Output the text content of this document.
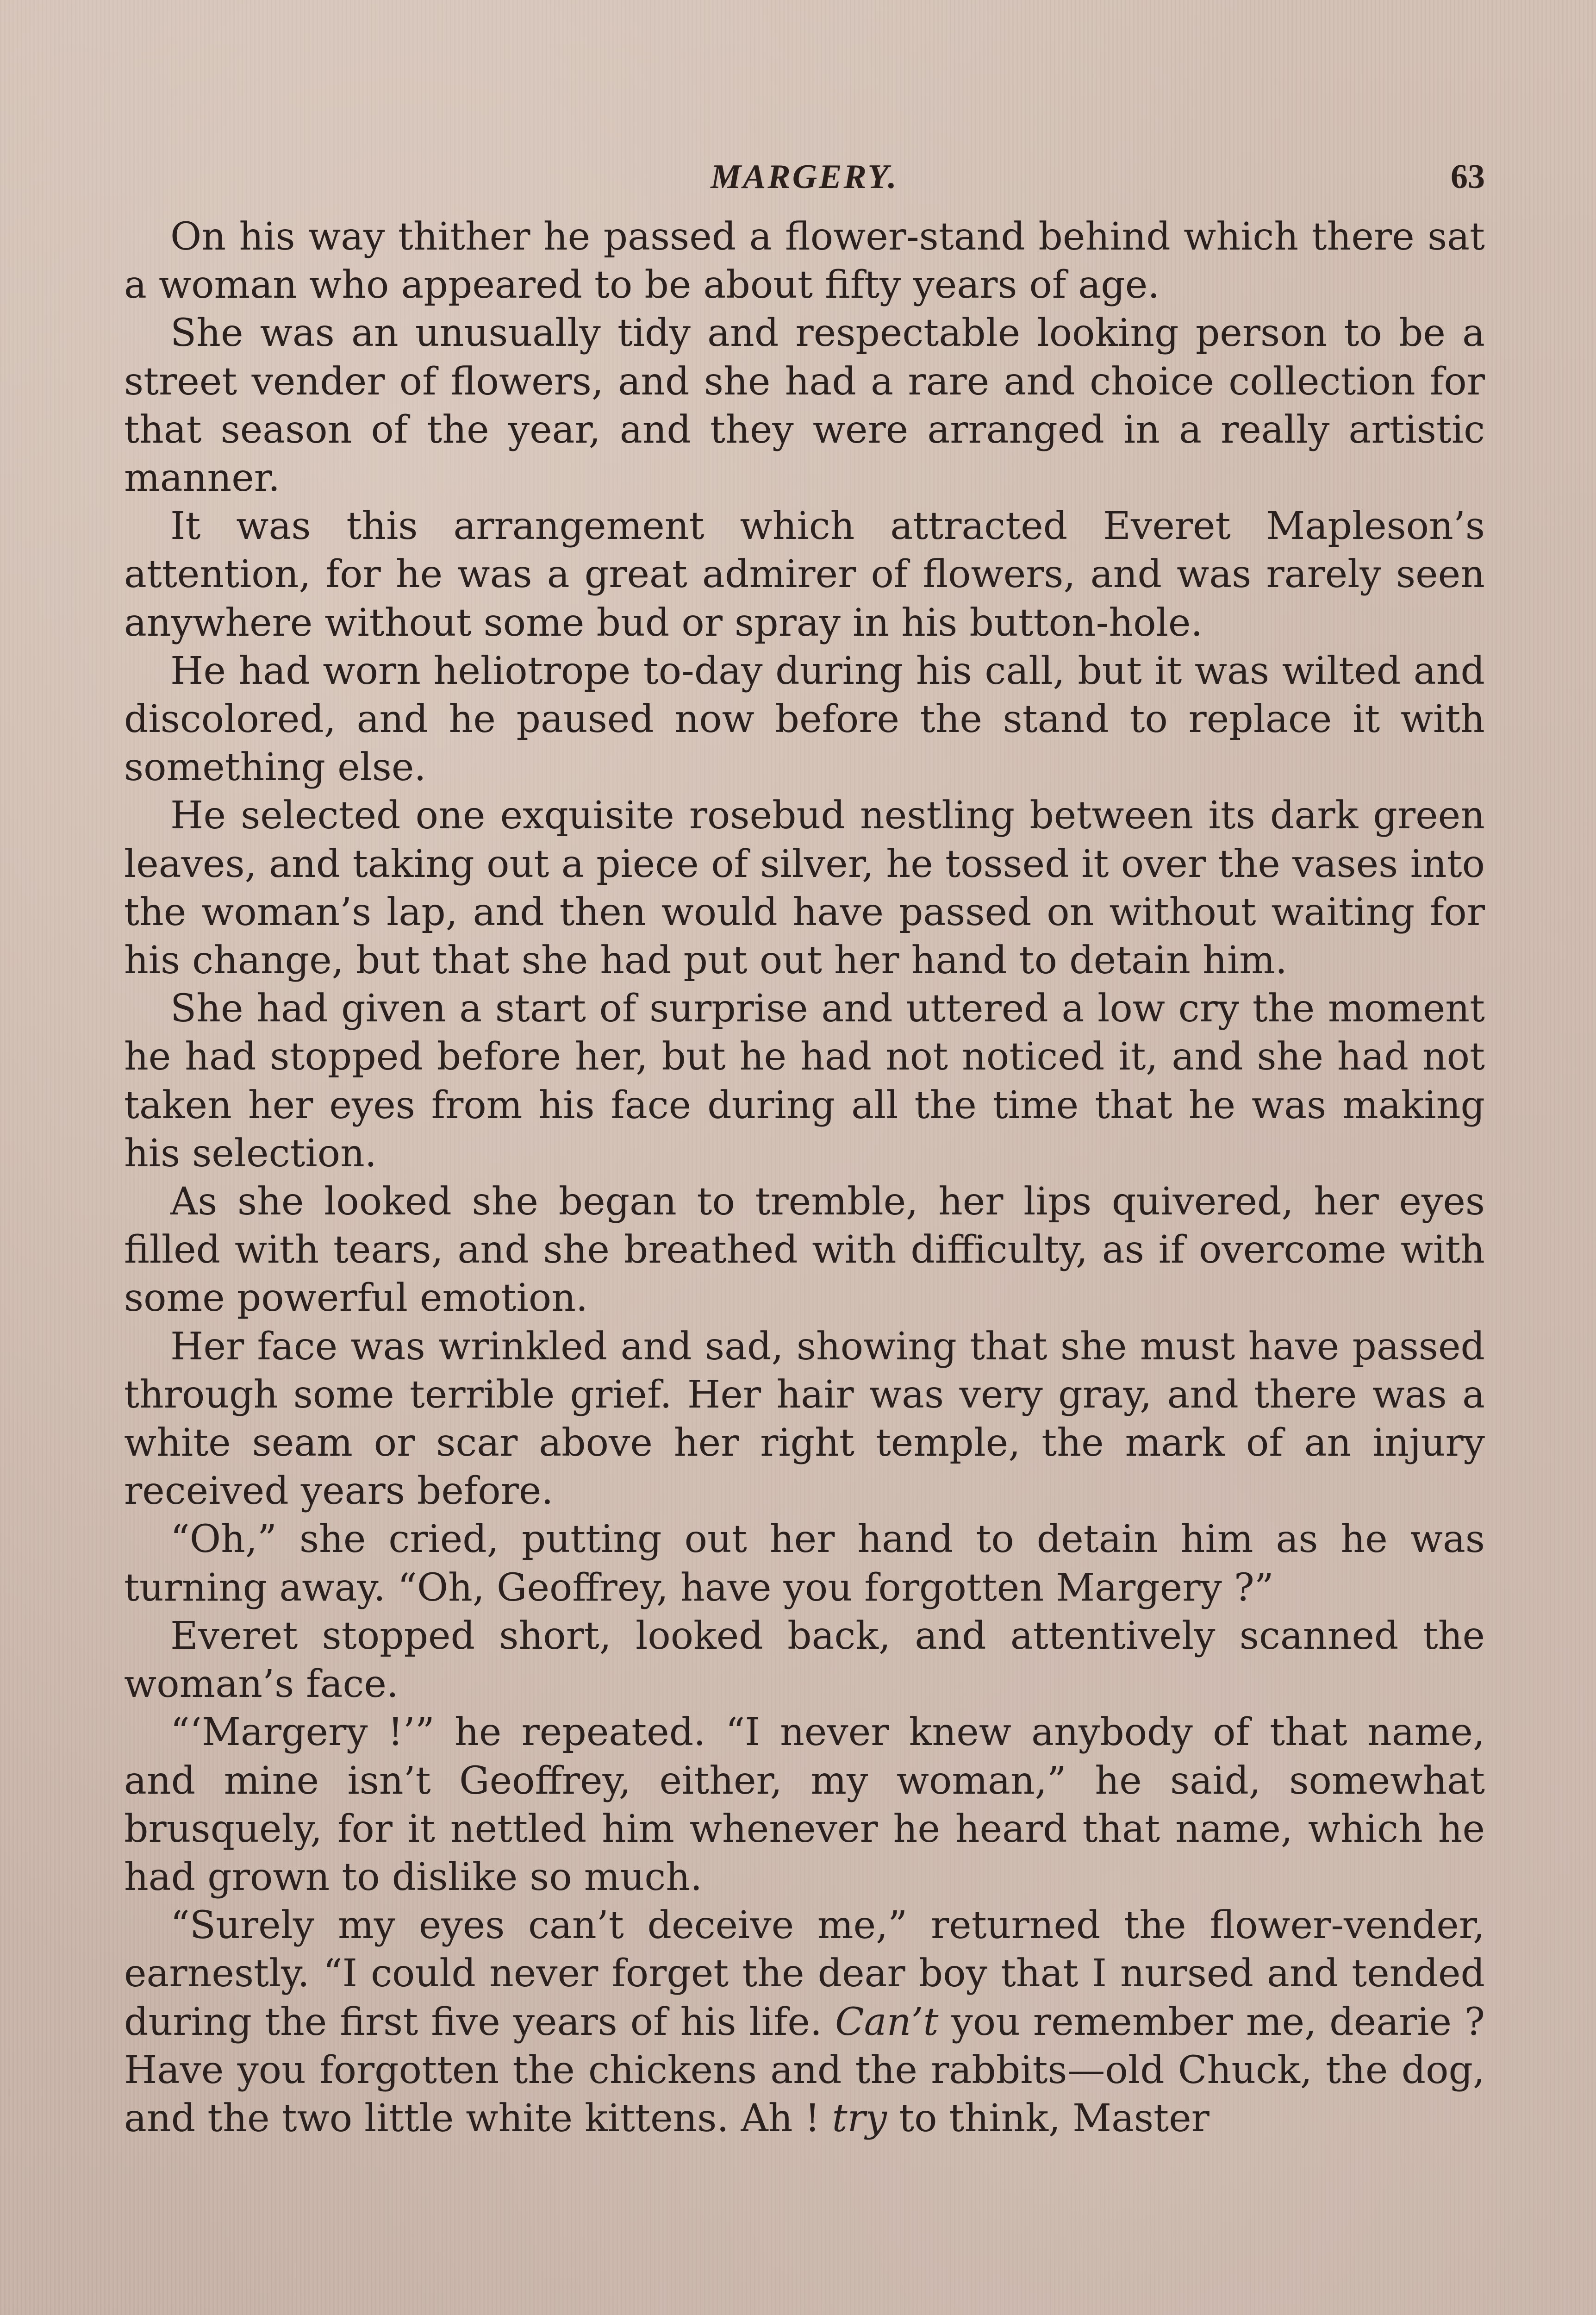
MARGERY.	63

On his way thither he passed a flower-stand behind which there sat a woman who appeared to be about fifty years of age.

She was an unusually tidy and respectable looking person to be a street vender of flowers, and she had a rare and choice collection for that season of the year, and they were arranged in a really artistic manner.

It was this arrangement which attracted Everet Mapleson’s attention, for he was a great admirer of flowers, and was rarely seen anywhere without some bud or spray in his button-hole.

He had worn heliotrope to-day during his call, but it was wilted and discolored, and he paused now before the stand to replace it with something else.

He selected one exquisite rosebud nestling between its dark green leaves, and taking out a piece of silver, he tossed it over the vases into the woman’s lap, and then would have passed on without waiting for his change, but that she had put out her hand to detain him.

She had given a start of surprise and uttered a low cry the moment he had stopped before her, but he had not noticed it, and she had not taken her eyes from his face during all the time that he was making his selection.

As she looked she began to tremble, her lips quivered, her eyes filled with tears, and she breathed with difficulty, as if overcome with some powerful emotion.

Her face was wrinkled and sad, showing that she must have passed through some terrible grief. Her hair was very gray, and there was a white seam or scar above her right temple, the mark of an injury received years before.

“Oh,” she cried, putting out her hand to detain him as he was turning away. “Oh, Geoffrey, have you forgotten Margery ?”

Everet stopped short, looked back, and attentively scanned the woman’s face.

“‘Margery !’” he repeated. “I never knew anybody of that name, and mine isn’t Geoffrey, either, my woman,” he said, somewhat brusquely, for it nettled him whenever he heard that name, which he had grown to dislike so much.

“Surely my eyes can’t deceive me,” returned the flower-vender, earnestly. “I could never forget the dear boy that I nursed and tended during the first five years of his life. Can’t you remember me, dearie ? Have you forgotten the chickens and the rabbits—old Chuck, the dog, and the two little white kittens. Ah ! try to think, Master
